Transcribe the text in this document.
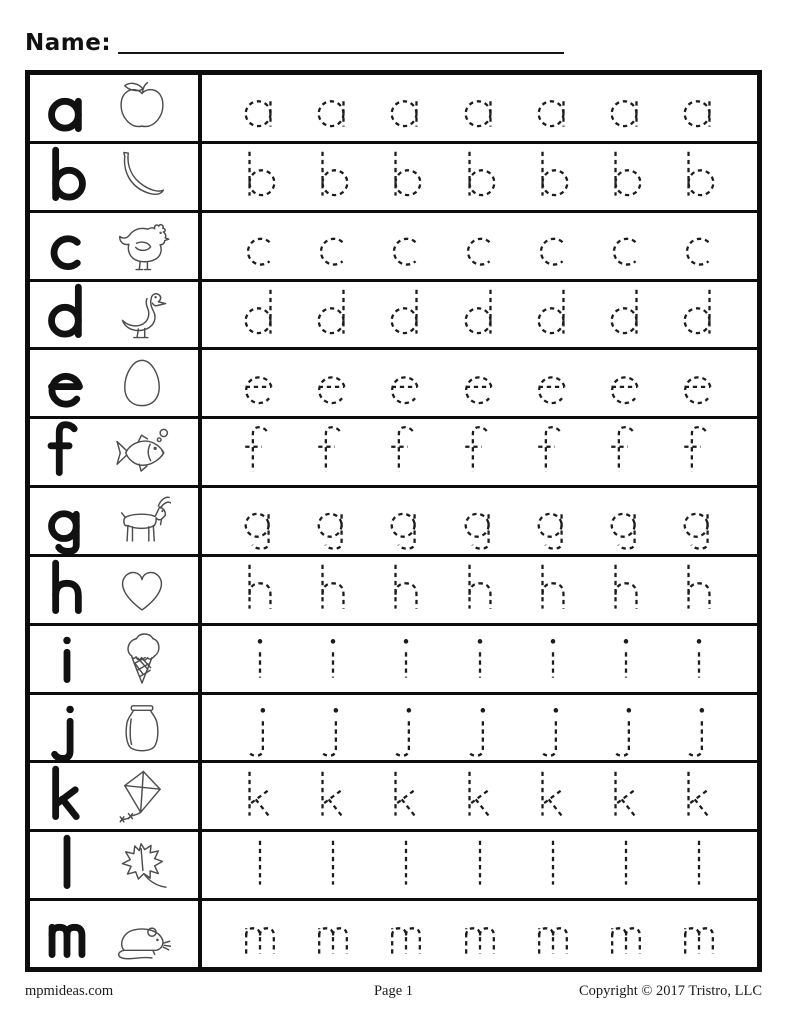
Name:
mpmideas.com	Page 1	Copyright © 2017 Tristro, LLC
